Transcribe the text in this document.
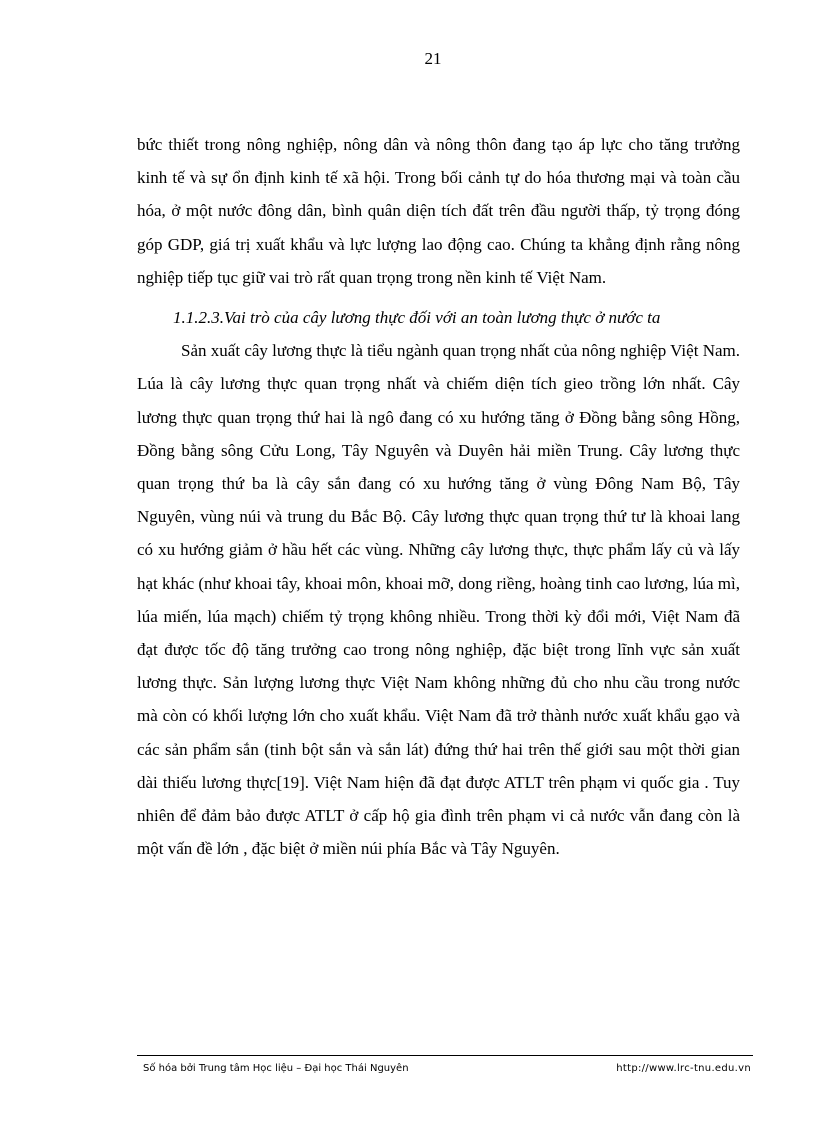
21

bức thiết trong nông nghiệp, nông dân và nông thôn đang tạo áp lực cho tăng trưởng kinh tế và sự ổn định kinh tế xã hội. Trong bối cảnh tự do hóa thương mại và toàn cầu hóa, ở một nước đông dân, bình quân diện tích đất trên đầu người thấp, tỷ trọng đóng góp GDP, giá trị xuất khẩu và lực lượng lao động cao. Chúng ta khẳng định rằng nông nghiệp tiếp tục giữ vai trò rất quan trọng trong nền kinh tế Việt Nam.

1.1.2.3.Vai trò của cây lương thực đối với an toàn lương thực ở nước ta

Sản xuất cây lương thực là tiểu ngành quan trọng nhất của nông nghiệp Việt Nam. Lúa là cây lương thực quan trọng nhất và chiếm diện tích gieo trồng lớn nhất. Cây lương thực quan trọng thứ hai là ngô đang có xu hướng tăng ở Đồng bằng sông Hồng, Đồng bằng sông Cửu Long, Tây Nguyên và Duyên hải miền Trung. Cây lương thực quan trọng thứ ba là cây sắn đang có xu hướng tăng ở vùng Đông Nam Bộ, Tây Nguyên, vùng núi và trung du Bắc Bộ. Cây lương thực quan trọng thứ tư là khoai lang có xu hướng giảm ở hầu hết các vùng. Những cây lương thực, thực phẩm lấy củ và lấy hạt khác (như khoai tây, khoai môn, khoai mỡ, dong riềng, hoàng tinh cao lương, lúa mì, lúa miến, lúa mạch) chiếm tỷ trọng không nhiều. Trong thời kỳ đổi mới, Việt Nam đã đạt được tốc độ tăng trưởng cao trong nông nghiệp, đặc biệt trong lĩnh vực sản xuất lương thực. Sản lượng lương thực Việt Nam không những đủ cho nhu cầu trong nước mà còn có khối lượng lớn cho xuất khẩu. Việt Nam đã trở thành nước xuất khẩu gạo và các sản phẩm sắn (tinh bột sắn và sắn lát) đứng thứ hai trên thế giới sau một thời gian dài thiếu lương thực[19]. Việt Nam hiện đã đạt được ATLT trên phạm vi quốc gia . Tuy nhiên để đảm bảo được ATLT ở cấp hộ gia đình trên phạm vi cả nước vẫn đang còn là một vấn đề lớn , đặc biệt ở miền núi phía Bắc và Tây Nguyên.

Số hóa bởi Trung tâm Học liệu – Đại học Thái Nguyên	http://www.lrc-tnu.edu.vn
